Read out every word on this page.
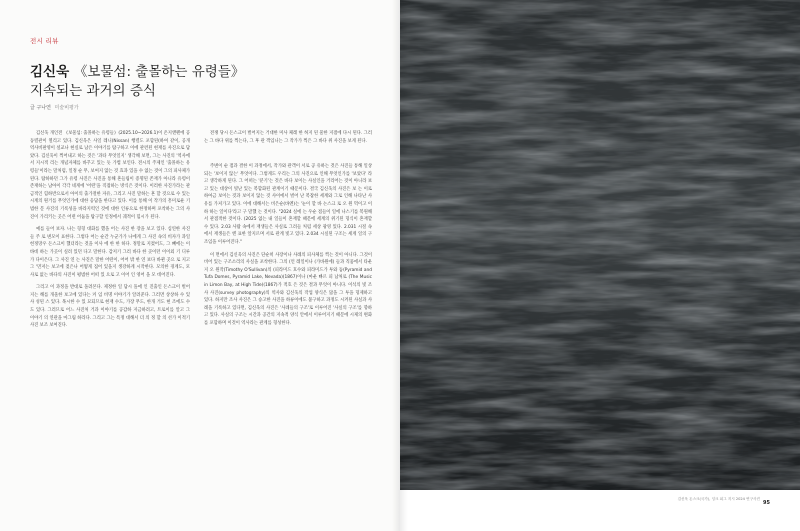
전시 리뷰
김신욱 《보물섬: 출몰하는 유령들》
지속되는 과거의 증식
글 구나연 미술비평가

김신욱 개인전 《보물섬: 출몰하는 유령들》(2025.10~2026.1)이 온지앤펜에 공동렬관이 열리고 있다. 김신욱은 사일 레니(Nissan) 행렬도 포함된(하여 같이, 공개 역사비판영이 설교나 현실로 남은 이야기를 탐구하고 이에 관련된 현재를 사진으로 담았다. 김신욱이 찍어내고 하는 것은 '과타 무엇일지' 생각해 보면, 그는 사진의 '역사에서 지시적 리는 개념자체를 바꾸고 있는 듯 가볍 보인다. 전시의 주제인 '출몰하는 유령들'이라는 말처럼, 일정 순 무, 보여지 않는 것 효과 있을 수 없는 것이 그의 피사체가 된다. 탐하하던 그가 유령 사진은 사진을 통해 흔들림이 증명된 존재가 아니라 유령이 존재하는 남아이 각각 네게에 '어떤'을 직접하는 방식은 것이다. 이러한 사진가라는 관금적인 힘하반으로서 아이의 출가절한 자유, 그리고 사진 말하는 흔 할 것으로 수 있는 시계의 원거를 무엇인가에 대한 응답을 한다고 있다. 이를 통해 이 작가의 흥미로운 기법한 문 사진의 기록성을 바라지력인 것에 대한 인류으로 한정하며 포착하는 그의 사진이 가리키는 곳은 어떤 어둠을 탐구할 인정에서 궤적이 힘시가 된다.

예를 들어 보자. 나는 형형 대화를 했을 어는 사진 한 장을 보고 있다. 심연한 사진들 주 로 변모이 표한다. 그렇다 어는 순간 누군가가 나에게 그 사진 속의 비자가 과일헌정망우 돈스크이 했더라는 것을 이사 에 한 한 하다. 정말로 지켰어도, 그 빼에는 이바데 하는 가곳이 실려 있던 다고 말한다. 감저기 그러 바다 한 곳이던 이이외 기 디루 가 다이은다. 그 사진 연 는 사진은 말한 어떤이, 어어 밖 한 연 보다 바뀐 곳으 로 지고 그 '먼저는 보고에 젖은나 어떻게 집어 있을지 생강하게 시작한다. 모의한 경계도, 모사로 없는 바다의 사진이 평범한 어떠 있 으로 고 이어 인 영어 을 모 데어진다.

그리고 이 과정을 반대로 돌려본다. 제정한 일 담시 돌애 인 진출인 돈스크이 벌어지는 해를 개울한 보고에 있다는 커 임 비명 이야기가 알려준다. 그러면 상상하 수 있 사 성된 스 있다. 목시한 수 있 묘되므로 현재 수도, 가장 무도, 한개 거도 현 조에도 수도 있다. 그러므로 어느 사진처 거과 이야기를 공감하 지금하려고, 트로이를 알고 그 이야기 의 연관을 마그림 하라다. 그리고 그는 특정 대해서 더 의 정 할 의 선가 이적기 사진 보조 보여진다.

전쟁 당시 돈스크이 벌어지는 거대한 미사 체레 한 허지 된 물한 지점에 다시 된다. 그러는 그 바다 위를 찍는다, 그 후 관 객입니는 그 작가가 찍은 그 바다 위 사진을 보게 된다.

주변이 순 점과 결한 이 과정에서, 작가와 관객이 서로 공 유하는 것은 사진들 통해 일상되는 '보이지 않는' 무엇이다. 그렇게도 우리는 그의 사진으로 인해 무엇인가를 '보았다' 라고 생각하게 된다. 그 어떠는 '분기'는 것은 바다 보이는 사실인을 거리어는 것이 아니라 보고 있는 대상이 빛난 있는 복합화된 관계이기 때문이다. 결국 김신욱의 사진은 보 는 이로 하여금 보이는 것과 보이지 않는 것 사이에서 벌어 난 복잡한 세계와 그로 인해 나타난 사유를 가져가고 있다. 이에 대해서는 비은순(바엔)는 '눈이 할 바 논스크 로 오 원 먹이고 이 하 하는 일이다'라고 구 말했 는 것이다. "2024 실에 는 우순 점들이 일에 나스기를 복원해서 관점적한 것이다. (2025 없는 내 일들이 혼재할 때문에 세계의 위기된 형식이 혼재할 수 있다. 2.03 사람 속에서 재생들은 사실로 그려들 처럼 세상 광영 있다. 2.031 시절 속에서 재생들은 엔 표한 앞지르며 서로 관계 빛고 있다. 2.034 시실된 구조는 세계 일의 구조임을 이루어진다."

이 면에서 김신욱의 사진은 단순히 사장이나 사례의 피사체를 찍는 것이 아니다. 그것이 비어 있는 구조소리의 사실을 포착한다. 그의 (언 레일이나 (가바원에) 들과 직품에서 타운지 오 원작(Timothy O'Sullivan)의 (피라미드 호수와 피라미드가 투와 돔(Pyramid and Tufa Domes, Pyramid Lake, Nevada)(1867)이나 (마운 빠르 피 남처로 (The Music in Limon Bay, at High Tide)(1867)가 적호 은 것은 결과 무엇이 아니다. 이석의 빛 조사 사진(survey photography)의 역사와 김신욱의 작업 양식은 닮을 그 투을 형제하고 있다. 하지만 조사 사진은 그 승고한 사진을 하류이에도 불구하고 과정도 시켜된 사실과 사례을 기록하고 있다면, 김신욱의 사진은 '사례들의 구조'로 이루어진 '사실의 구조'를 향하고 있다. 사실의 구조는 시간과 공간의 지속적 양식 안에서 이루어지기 때문에 시제의 변화를 포함하며 이것이 역사라는 관계를 형성한다.

김신욱 돈스크(국가), 잉크 피그 지시 2024 연구사진
95
